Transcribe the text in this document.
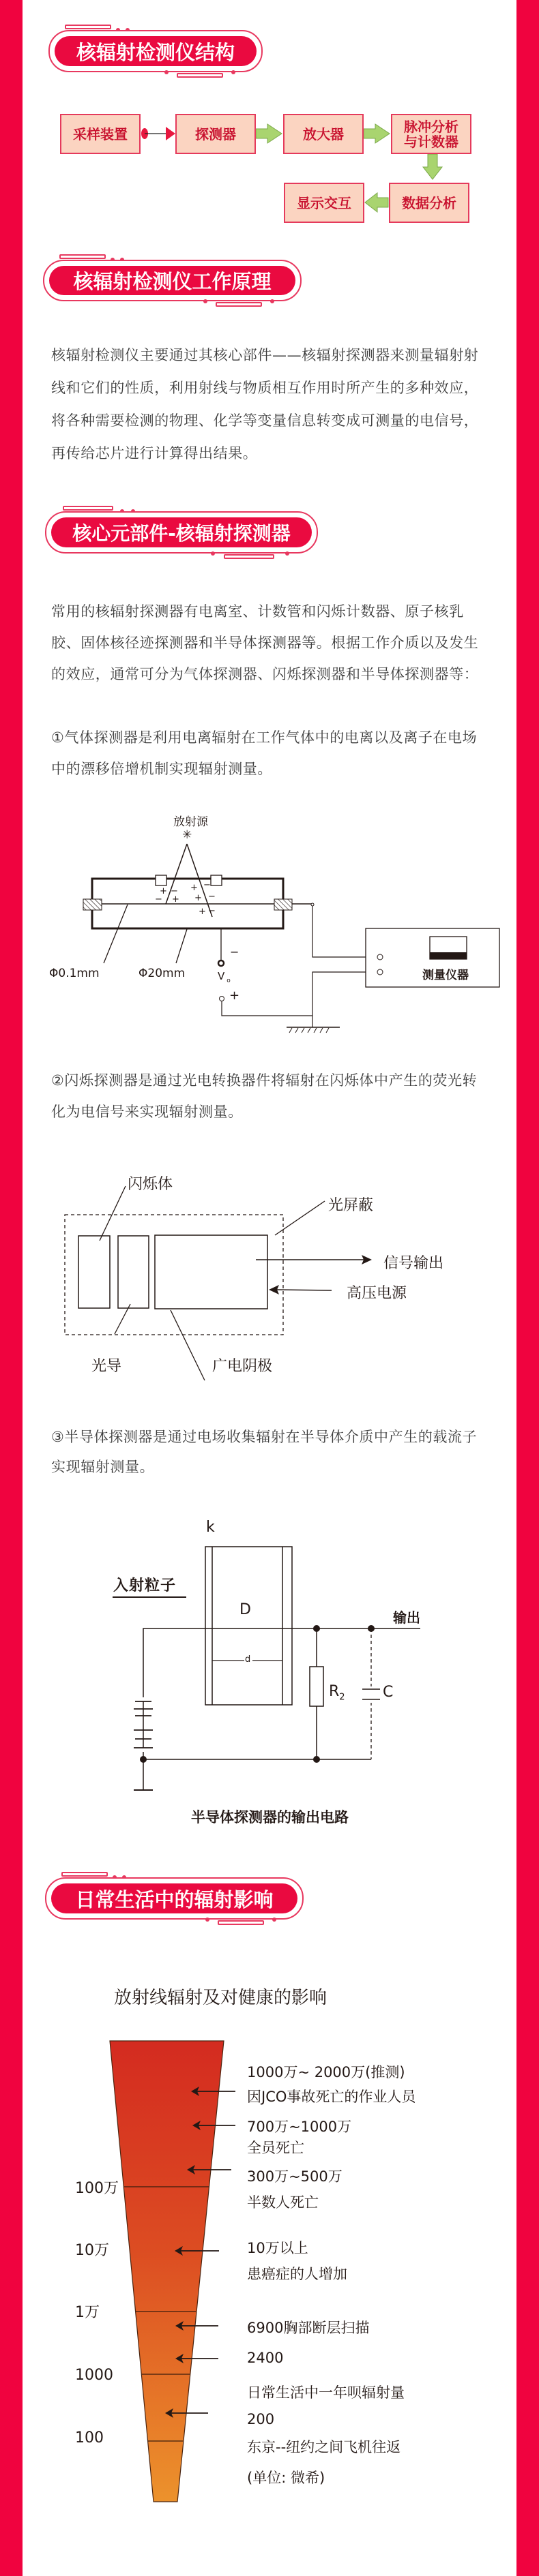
核辐射检测仪结构
采样装置	探测器	放大器	脉冲分析与计数器
数据分析
显示交互
核辐射检测仪工作原理
核辐射检测仪主要通过其核心部件——核辐射探测器来测量辐射射线和它们的性质，利用射线与物质相互作用时所产生的多种效应，将各种需要检测的物理、化学等变量信息转变成可测量的电信号，再传给芯片进行计算得出结果。
核心元部件-核辐射探测器
常用的核辐射探测器有电离室、计数管和闪烁计数器、原子核乳胶、固体核径迹探测器和半导体探测器等。根据工作介质以及发生的效应，通常可分为气体探测器、闪烁探测器和半导体探测器等：
①气体探测器是利用电离辐射在工作气体中的电离以及离子在电场中的漂移倍增机制实现辐射测量。
放射源
✳
+ −
− +
+ −
+ −
+ −
Φ0.1mm	Φ20mm
−
V $_o$
+
测量仪器
②闪烁探测器是通过光电转换器件将辐射在闪烁体中产生的荧光转化为电信号来实现辐射测量。
闪烁体
光屏蔽
信号输出
高压电源
光导	广电阴极
③半导体探测器是通过电场收集辐射在半导体介质中产生的载流子实现辐射测量。
k
入射粒子
D
d
输出
$R_2$	C
半导体探测器的输出电路
日常生活中的辐射影响
放射线辐射及对健康的影响
100万
10万
1万
1000
100
1000万~ 2000万(推测)
因JCO事故死亡的作业人员
700万~1000万
全员死亡
300万~500万
半数人死亡
10万以上
患癌症的人增加
6900胸部断层扫描
2400
日常生活中一年呗辐射量
200
东京--纽约之间飞机往返
(单位: 微希)
